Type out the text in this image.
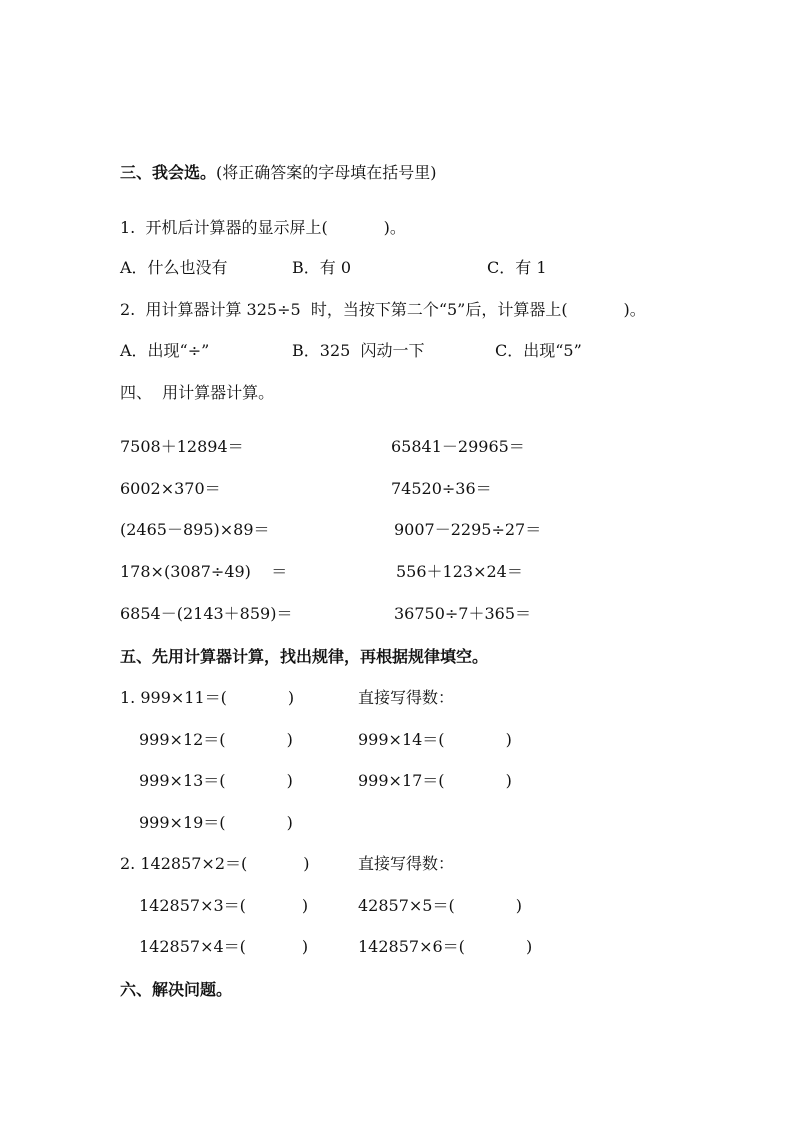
三、我会选。(将正确答案的字母填在括号里)
1.  开机后计算器的显示屏上(           )。
A．什么也没有	B．有 0	C．有 1
2.  用计算器计算 325÷5  时，当按下第二个“5”后，计算器上(           )。
A．出现“÷”	B．325  闪动一下	C．出现“5”
四、  用计算器计算。
7508＋12894＝	65841－29965＝
6002×370＝	74520÷36＝
(2465－895)×89＝	9007－2295÷27＝
178×(3087÷49)    ＝	556＋123×24＝
6854－(2143＋859)＝	36750÷7＋365＝
五、先用计算器计算，找出规律，再根据规律填空。
1. 999×11＝(            )	直接写得数：
999×12＝(            )	999×14＝(            )
999×13＝(            )	999×17＝(            )
999×19＝(            )
2. 142857×2＝(           )	直接写得数：
142857×3＝(           )	42857×5＝(            )
142857×4＝(           )	142857×6＝(            )
六、解决问题。
